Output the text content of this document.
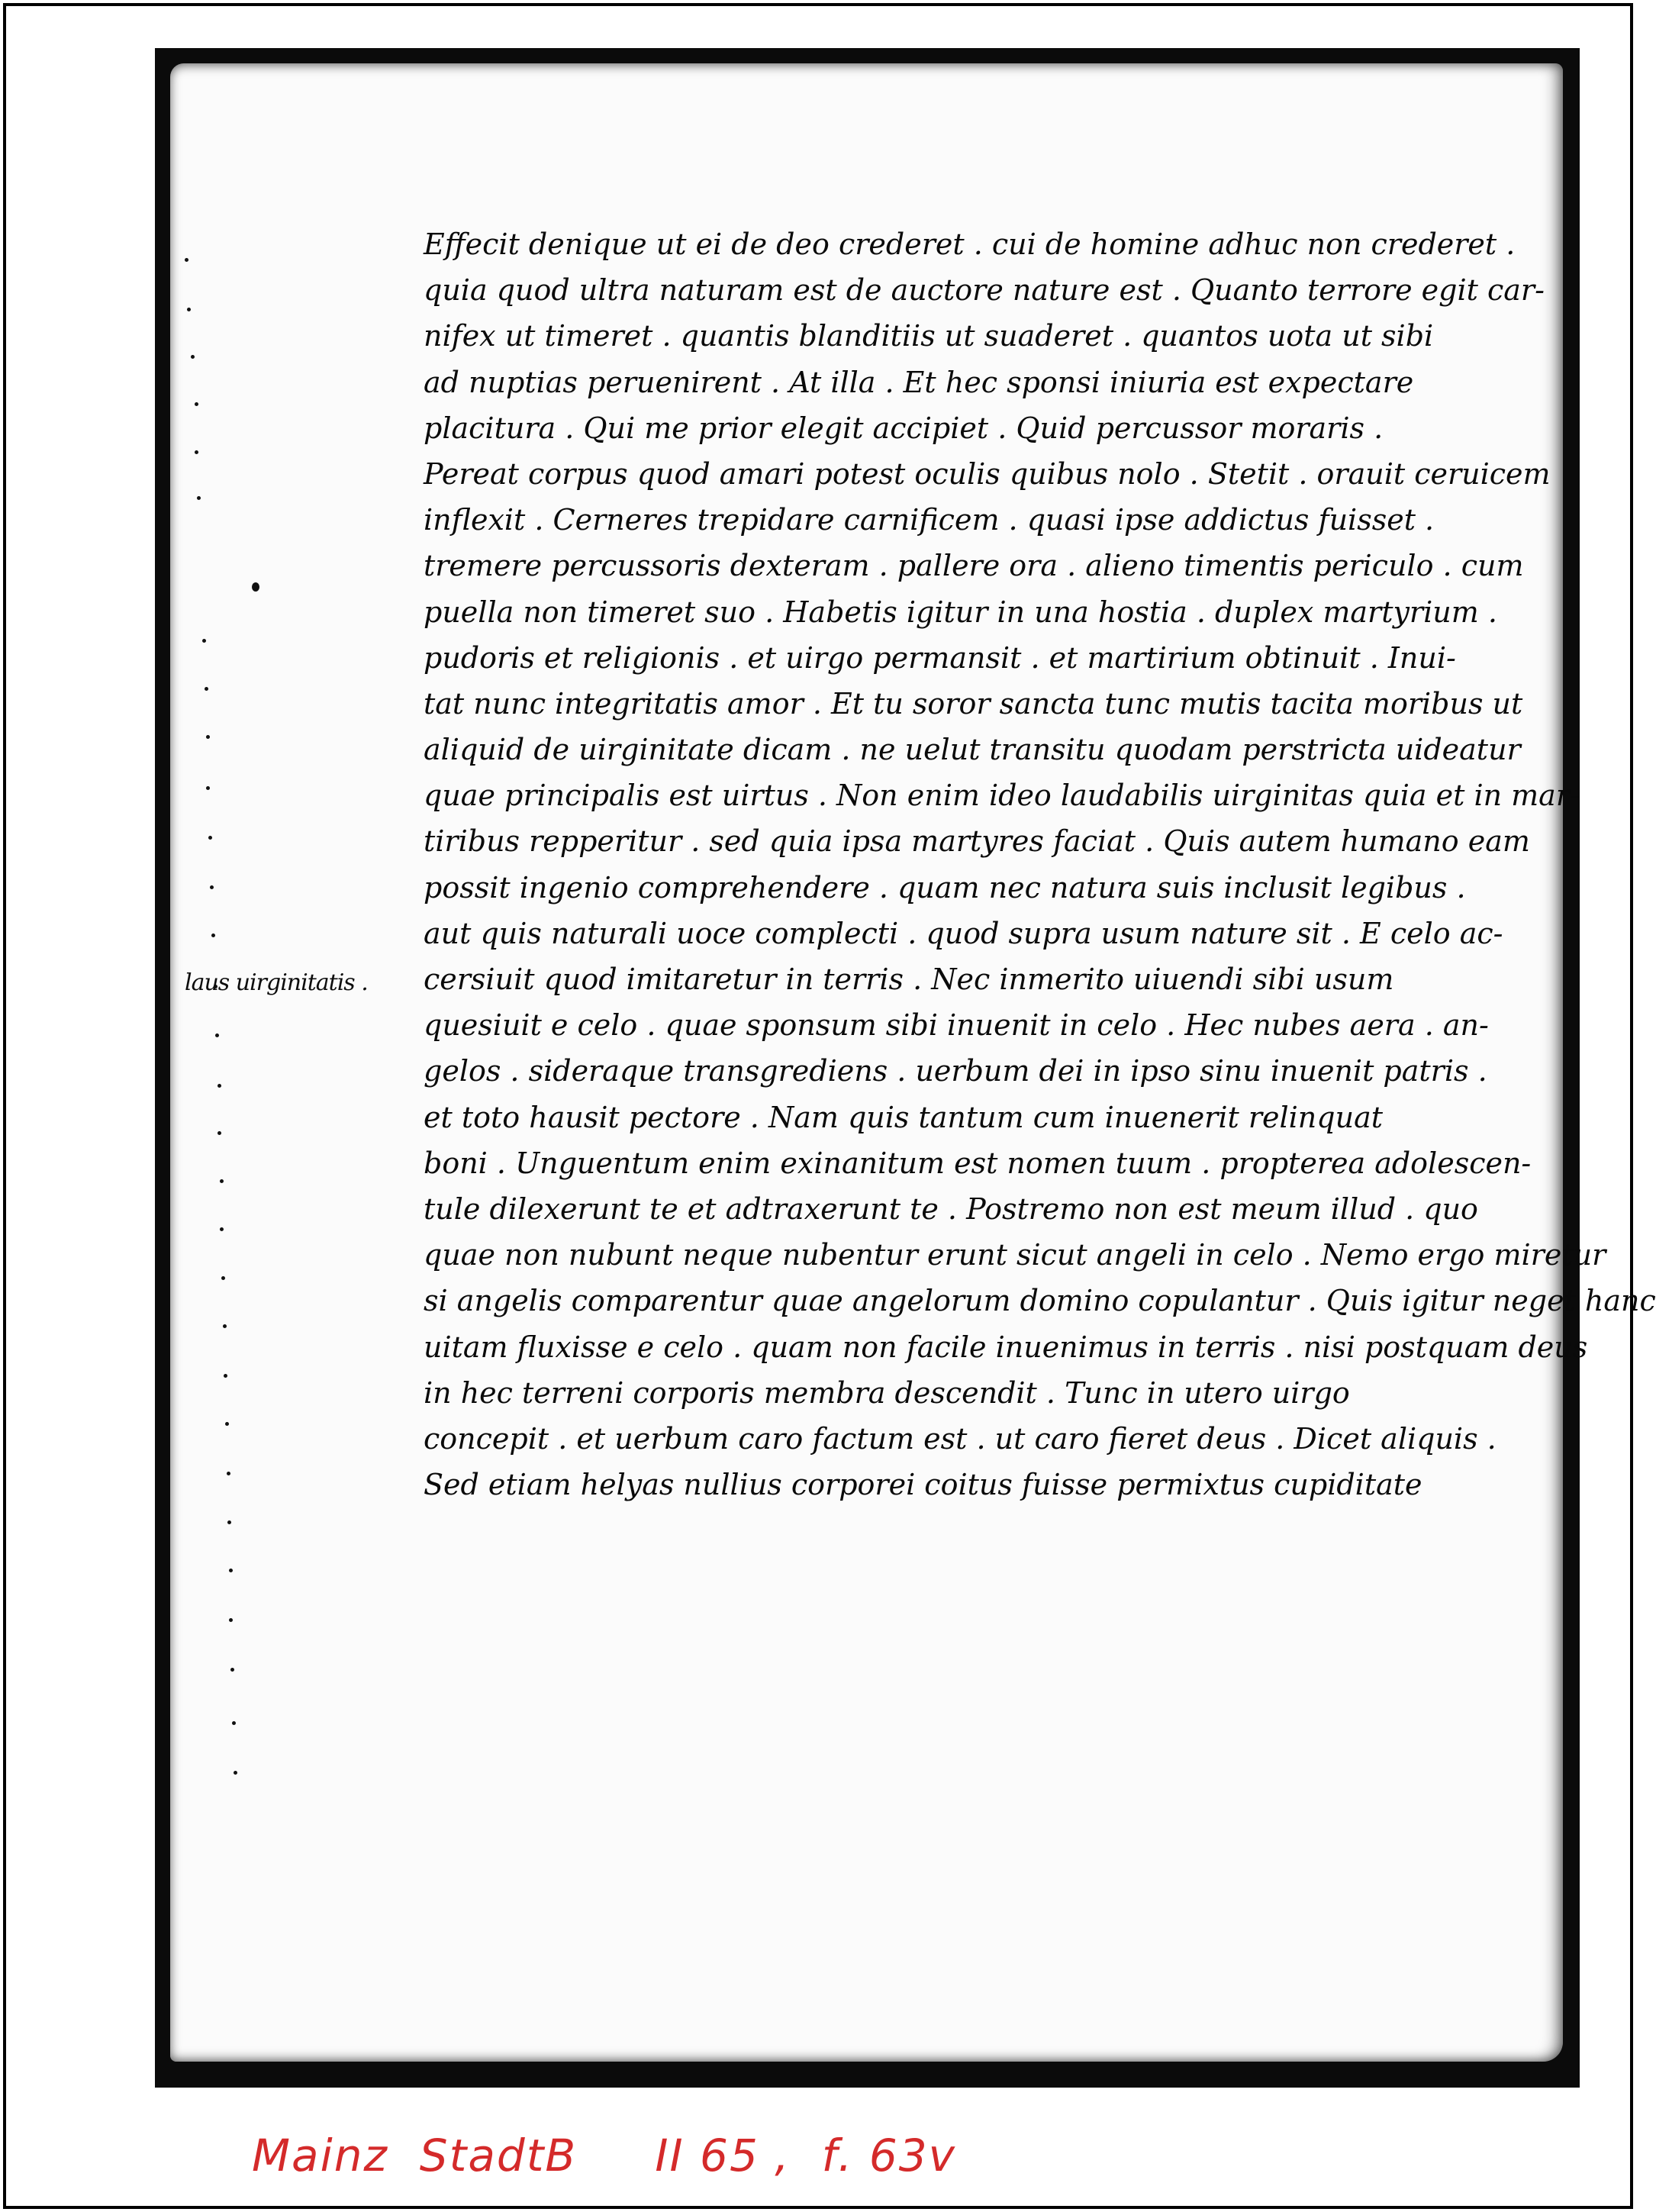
laus uirginitatis .
Effecit denique ut ei de deo crederet . cui de homine adhuc non crederet .
quia quod ultra naturam est de auctore nature est . Quanto terrore egit car-
nifex ut timeret . quantis blanditiis ut suaderet . quantos uota ut sibi
ad nuptias peruenirent . At illa . Et hec sponsi iniuria est expectare
placitura . Qui me prior elegit accipiet . Quid percussor moraris .
Pereat corpus quod amari potest oculis quibus nolo . Stetit . orauit ceruicem
inflexit . Cerneres trepidare carnificem . quasi ipse addictus fuisset .
tremere percussoris dexteram . pallere ora . alieno timentis periculo . cum
puella non timeret suo . Habetis igitur in una hostia . duplex martyrium .
pudoris et religionis . et uirgo permansit . et martirium obtinuit . Inui-
tat nunc integritatis amor . Et tu soror sancta tunc mutis tacita moribus ut
aliquid de uirginitate dicam . ne uelut transitu quodam perstricta uideatur
quae principalis est uirtus . Non enim ideo laudabilis uirginitas quia et in mar-
tiribus repperitur . sed quia ipsa martyres faciat . Quis autem humano eam
possit ingenio comprehendere . quam nec natura suis inclusit legibus .
aut quis naturali uoce complecti . quod supra usum nature sit . E celo ac-
cersiuit quod imitaretur in terris . Nec inmerito uiuendi sibi usum
quesiuit e celo . quae sponsum sibi inuenit in celo . Hec nubes aera . an-
gelos . sideraque transgrediens . uerbum dei in ipso sinu inuenit patris .
et toto hausit pectore . Nam quis tantum cum inuenerit relinquat
boni . Unguentum enim exinanitum est nomen tuum . propterea adolescen-
tule dilexerunt te et adtraxerunt te . Postremo non est meum illud . quo
quae non nubunt neque nubentur erunt sicut angeli in celo . Nemo ergo miretur
si angelis comparentur quae angelorum domino copulantur . Quis igitur neget hanc
uitam fluxisse e celo . quam non facile inuenimus in terris . nisi postquam deus
in hec terreni corporis membra descendit . Tunc in utero uirgo
concepit . et uerbum caro factum est . ut caro fieret deus . Dicet aliquis .
Sed etiam helyas nullius corporei coitus fuisse permixtus cupiditate
Mainz  StadtB     II 65 ,  f. 63v
